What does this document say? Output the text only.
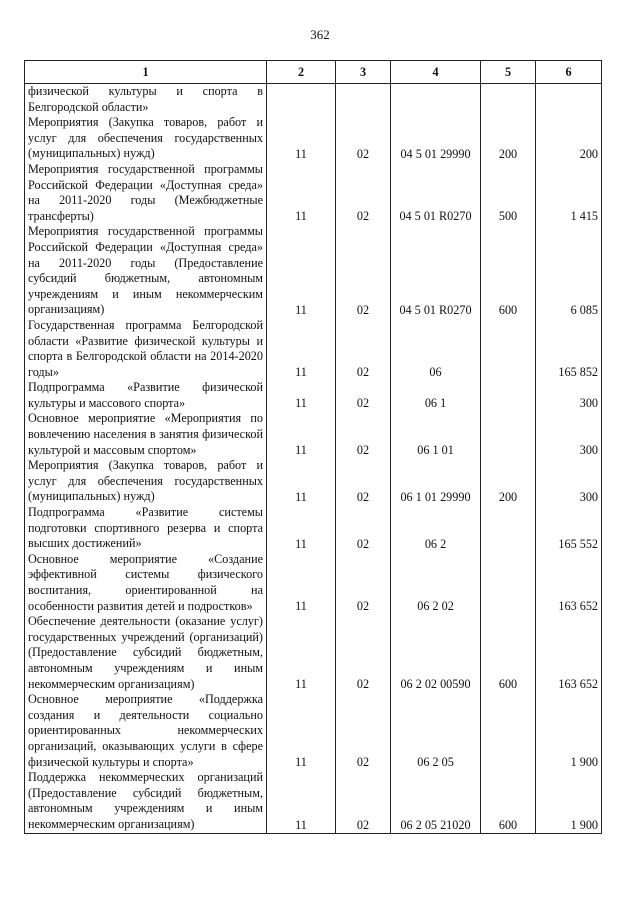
362
1	2	3	4	5	6
физической культуры и спорта в Белгородской области»					
Мероприятия (Закупка товаров, работ и услуг для обеспечения государственных (муниципальных) нужд)	11	02	04 5 01 29990	200	200
Мероприятия государственной программы Российской Федерации «Доступная среда» на 2011-2020 годы (Межбюджетные трансферты)	11	02	04 5 01 R0270	500	1 415
Мероприятия государственной программы Российской Федерации «Доступная среда» на 2011-2020 годы (Предоставление субсидий бюджетным, автономным учреждениям и иным некоммерческим организациям)	11	02	04 5 01 R0270	600	6 085
Государственная программа Белгородской области «Развитие физической культуры и спорта в Белгородской области на 2014-2020 годы»	11	02	06		165 852
Подпрограмма «Развитие физической культуры и массового спорта»	11	02	06 1		300
Основное мероприятие «Мероприятия по вовлечению населения в занятия физической культурой и массовым спортом»	11	02	06 1 01		300
Мероприятия (Закупка товаров, работ и услуг для обеспечения государственных (муниципальных) нужд)	11	02	06 1 01 29990	200	300
Подпрограмма «Развитие системы подготовки спортивного резерва и спорта высших достижений»	11	02	06 2		165 552
Основное мероприятие «Создание эффективной системы физического воспитания, ориентированной на особенности развития детей и подростков»	11	02	06 2 02		163 652
Обеспечение деятельности (оказание услуг) государственных учреждений (организаций) (Предоставление субсидий бюджетным, автономным учреждениям и иным некоммерческим организациям)	11	02	06 2 02 00590	600	163 652
Основное мероприятие «Поддержка создания и деятельности социально ориентированных некоммерческих организаций, оказывающих услуги в сфере физической культуры и спорта»	11	02	06 2 05		1 900
Поддержка некоммерческих организаций (Предоставление субсидий бюджетным, автономным учреждениям и иным некоммерческим организациям)	11	02	06 2 05 21020	600	1 900
